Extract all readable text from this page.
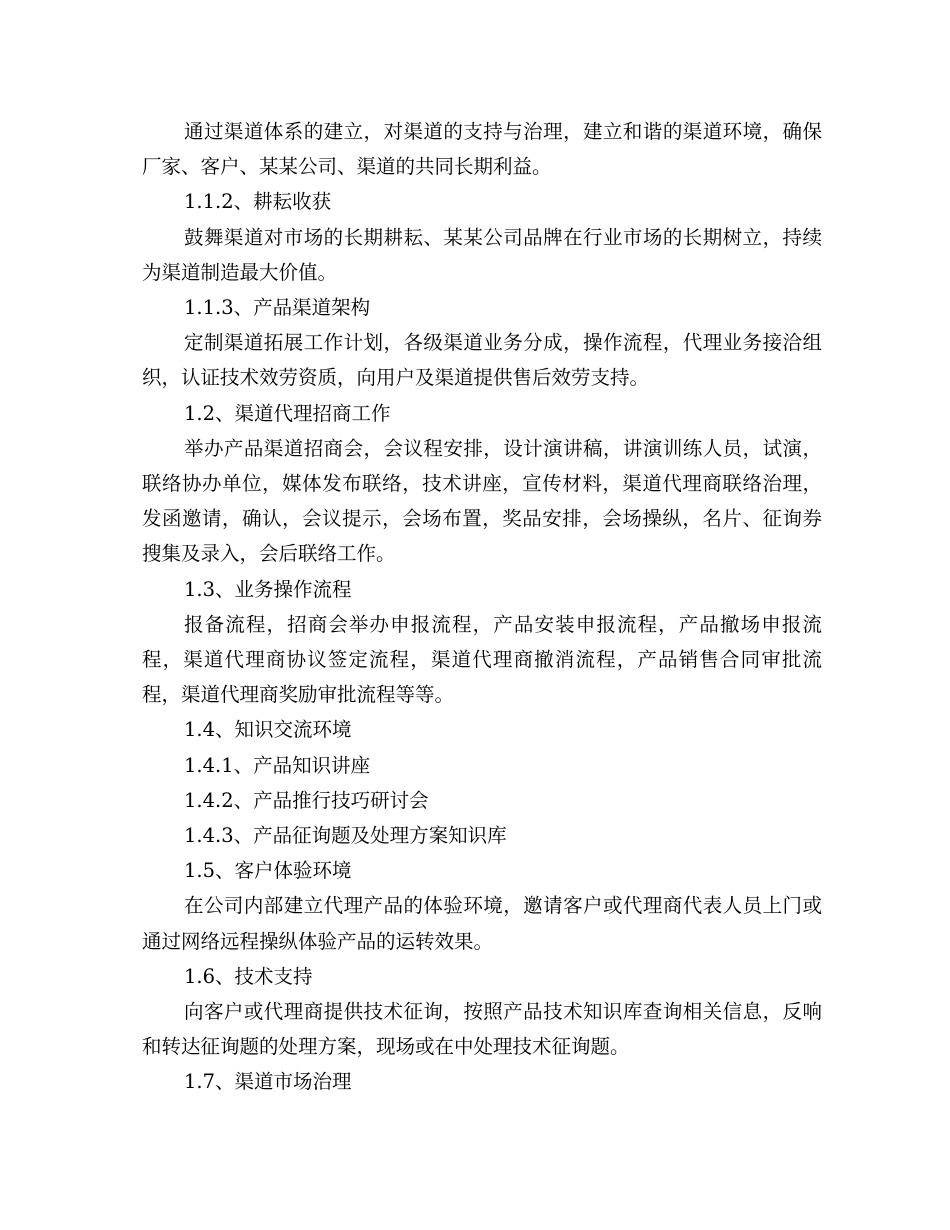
通过渠道体系的建立，对渠道的支持与治理，建立和谐的渠道环境，确保厂家、客户、某某公司、渠道的共同长期利益。

1.1.2、耕耘收获

鼓舞渠道对市场的长期耕耘、某某公司品牌在行业市场的长期树立，持续为渠道制造最大价值。

1.1.3、产品渠道架构

定制渠道拓展工作计划，各级渠道业务分成，操作流程，代理业务接洽组织，认证技术效劳资质，向用户及渠道提供售后效劳支持。

1.2、渠道代理招商工作

举办产品渠道招商会，会议程安排，设计演讲稿，讲演训练人员，试演，联络协办单位，媒体发布联络，技术讲座，宣传材料，渠道代理商联络治理，发函邀请，确认，会议提示，会场布置，奖品安排，会场操纵，名片、征询券搜集及录入，会后联络工作。

1.3、业务操作流程

报备流程，招商会举办申报流程，产品安装申报流程，产品撤场申报流程，渠道代理商协议签定流程，渠道代理商撤消流程，产品销售合同审批流程，渠道代理商奖励审批流程等等。

1.4、知识交流环境

1.4.1、产品知识讲座

1.4.2、产品推行技巧研讨会

1.4.3、产品征询题及处理方案知识库

1.5、客户体验环境

在公司内部建立代理产品的体验环境，邀请客户或代理商代表人员上门或通过网络远程操纵体验产品的运转效果。

1.6、技术支持

向客户或代理商提供技术征询，按照产品技术知识库查询相关信息，反响和转达征询题的处理方案，现场或在中处理技术征询题。

1.7、渠道市场治理
